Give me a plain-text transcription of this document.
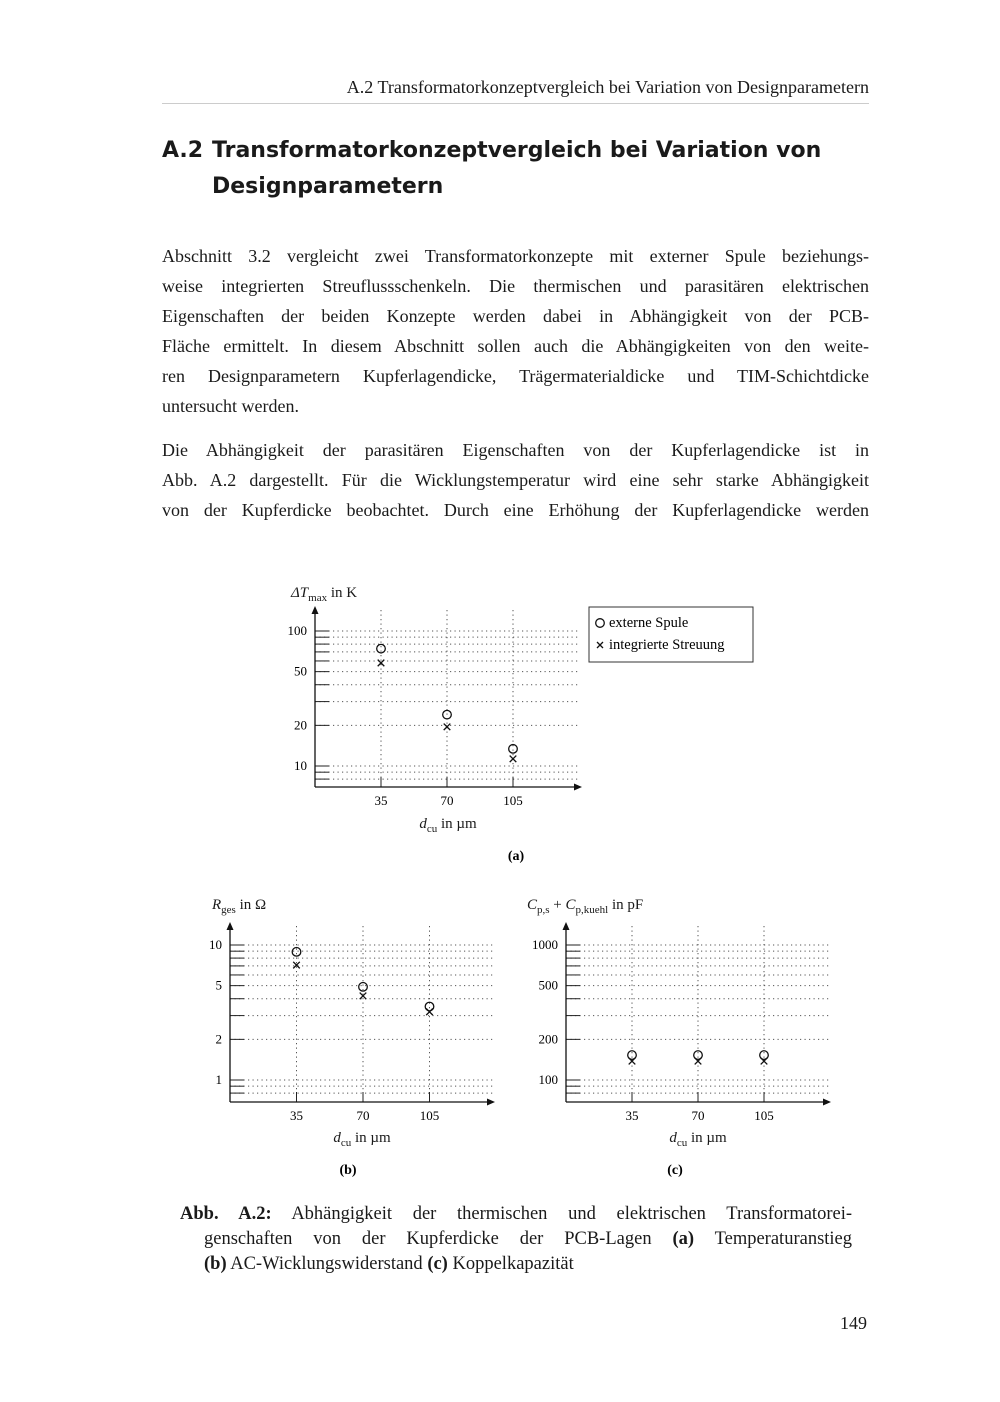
A.2 Transformatorkonzeptvergleich bei Variation von Designparametern
A.2 Transformatorkonzeptvergleich bei Variation von Designparametern
Abschnitt 3.2 vergleicht zwei Transformatorkonzepte mit externer Spule beziehungs-
weise integrierten Streuflussschenkeln. Die thermischen und parasitären elektrischen
Eigenschaften der beiden Konzepte werden dabei in Abhängigkeit von der PCB-
Fläche ermittelt. In diesem Abschnitt sollen auch die Abhängigkeiten von den weite-
ren Designparametern Kupferlagendicke, Trägermaterialdicke und TIM-Schichtdicke
untersucht werden.
Die Abhängigkeit der parasitären Eigenschaften von der Kupferlagendicke ist in
Abb. A.2 dargestellt. Für die Wicklungstemperatur wird eine sehr starke Abhängigkeit
von der Kupferdicke beobachtet. Durch eine Erhöhung der Kupferlagendicke werden
35	70	105
10
20
50
100
(a)
externe Spule
integrierte Streuung
$\Delta T_{max}$ in K
$d_{cu}$ in µm
35	70	105
1
2
5
10
(b)
$R_{ges}$ in Ω
$d_{cu}$ in µm
35	70	105
100
200
500
1000
(c)
$C_{p,s} + C_{p,kuehl}$ in pF
$d_{cu}$ in µm
Abb. A.2: Abhängigkeit der thermischen und elektrischen Transformatorei-
genschaften von der Kupferdicke der PCB-Lagen (a) Temperaturanstieg
(b) AC-Wicklungswiderstand (c) Koppelkapazität
149
